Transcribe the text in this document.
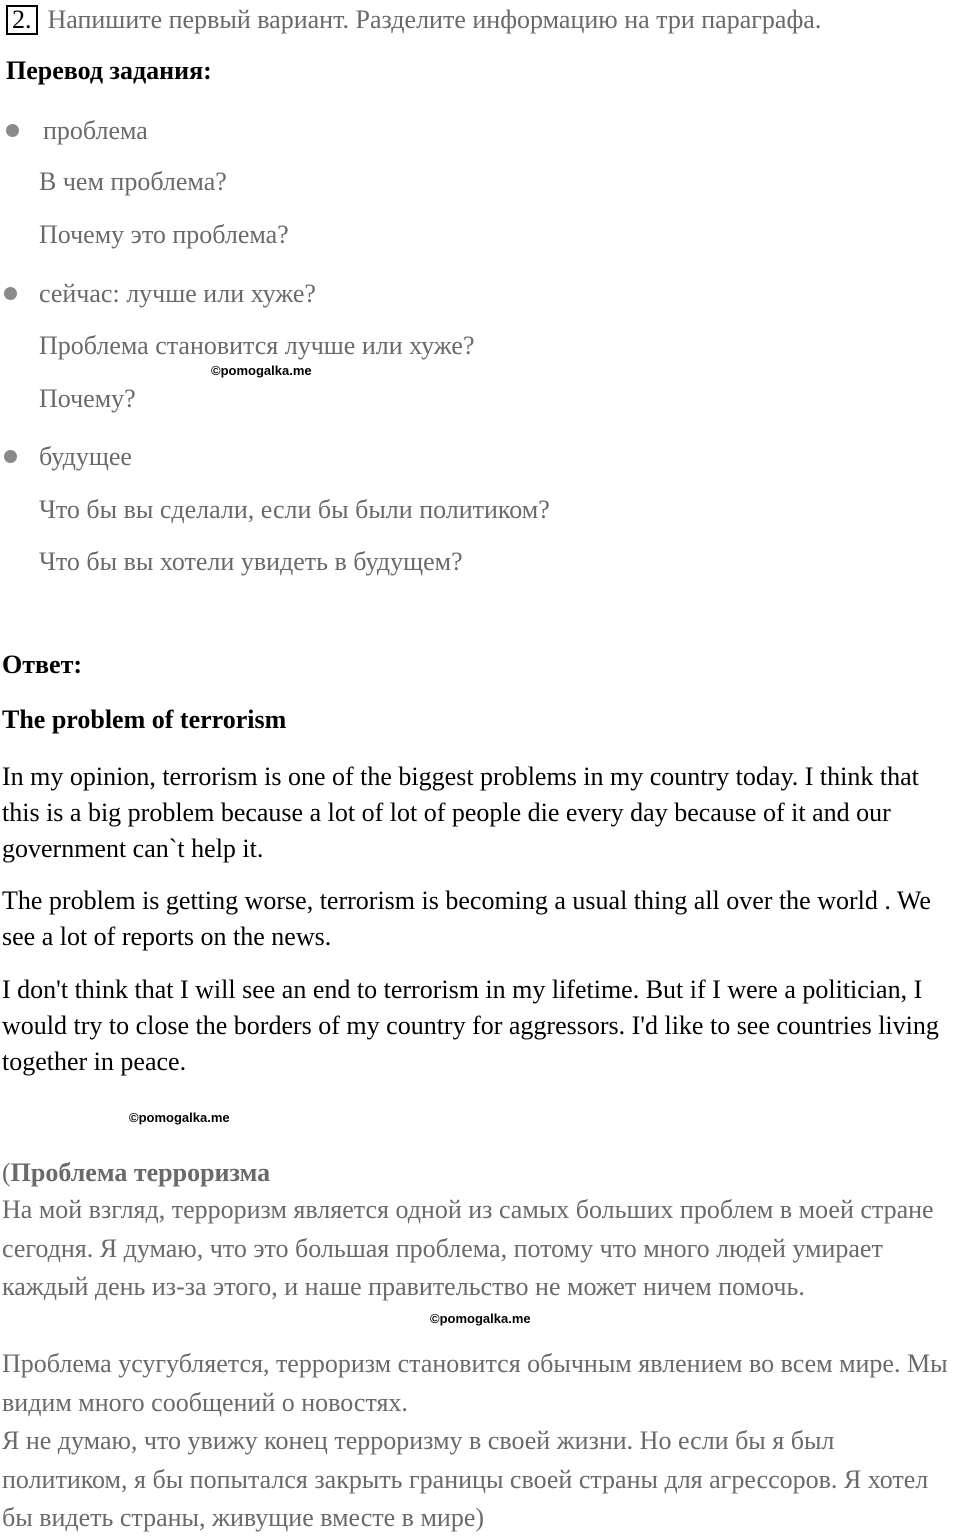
2. Напишите первый вариант. Разделите информацию на три параграфа.
Перевод задания:
проблема
В чем проблема?
Почему это проблема?
сейчас: лучше или хуже?
Проблема становится лучше или хуже?
©pomogalka.me
Почему?
будущее
Что бы вы сделали, если бы были политиком?
Что бы вы хотели увидеть в будущем?
Ответ:
The problem of terrorism

In my opinion, terrorism is one of the biggest problems in my country today. I think that this is a big problem because a lot of lot of people die every day because of it and our government can`t help it.

The problem is getting worse, terrorism is becoming a usual thing all over the world . We see a lot of reports on the news.

I don't think that I will see an end to terrorism in my lifetime. But if I were a politician, I would try to close the borders of my country for aggressors. I'd like to see countries living together in peace.

©pomogalka.me
(Проблема терроризма

На мой взгляд, терроризм является одной из самых больших проблем в моей стране сегодня. Я думаю, что это большая проблема, потому что много людей умирает каждый день из-за этого, и наше правительство не может ничем помочь.

©pomogalka.me

Проблема усугубляется, терроризм становится обычным явлением во всем мире. Мы видим много сообщений о новостях.

Я не думаю, что увижу конец терроризму в своей жизни. Но если бы я был политиком, я бы попытался закрыть границы своей страны для агрессоров. Я хотел бы видеть страны, живущие вместе в мире)
